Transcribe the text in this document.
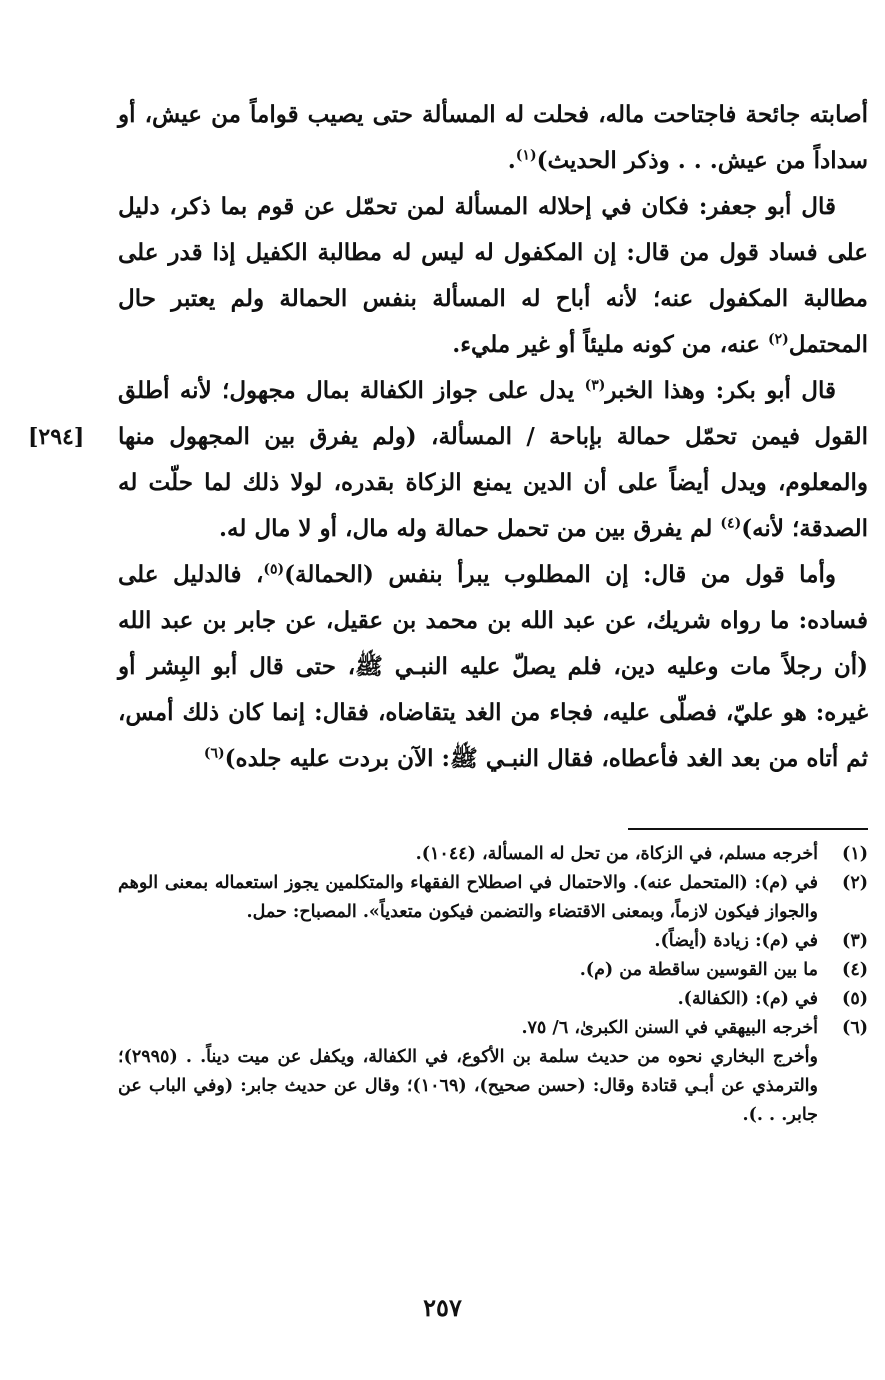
أصابته جائحة فاجتاحت ماله، فحلت له المسألة حتى يصيب قواماً من عيش، أو سداداً من عيش. . . وذكر الحديث)$^{(١)}$.

قال أبو جعفر: فكان في إحلاله المسألة لمن تحمّل عن قوم بما ذكر، دليل على فساد قول من قال: إن المكفول له ليس له مطالبة الكفيل إذا قدر على مطالبة المكفول عنه؛ لأنه أباح له المسألة بنفس الحمالة ولم يعتبر حال المحتمل$^{(٢)}$ عنه، من كونه مليئاً أو غير مليء.

قال أبو بكر: وهذا الخبر$^{(٣)}$ يدل على جواز الكفالة بمال مجهول؛ لأنه أطلق القول فيمن تحمّل حمالة بإباحة / المسألة، (ولم يفرق بين المجهول منها والمعلوم، ويدل أيضاً على أن الدين يمنع الزكاة بقدره، لولا ذلك لما حلّت له الصدقة؛ لأنه)$^{(٤)}$ لم يفرق بين من تحمل حمالة وله مال، أو لا مال له.

وأما قول من قال: إن المطلوب يبرأ بنفس (الحمالة)$^{(٥)}$، فالدليل على فساده: ما رواه شريك، عن عبد الله بن محمد بن عقيل، عن جابر بن عبد الله (أن رجلاً مات وعليه دين، فلم يصلّ عليه النبـي ﷺ، حتى قال أبو البِشر أو غيره: هو عليّ، فصلّى عليه، فجاء من الغد يتقاضاه، فقال: إنما كان ذلك أمس، ثم أتاه من بعد الغد فأعطاه، فقال النبـي ﷺ: الآن بردت عليه جلده)$^{(٦)}$

[٢٩٤]
(١)
أخرجه مسلم، في الزكاة، من تحل له المسألة، (١٠٤٤).
(٢)
في (م): (المتحمل عنه). والاحتمال في اصطلاح الفقهاء والمتكلمين يجوز استعماله بمعنى الوهم والجواز فيكون لازماً، وبمعنى الاقتضاء والتضمن فيكون متعدياً». المصباح: حمل.
(٣)
في (م): زيادة (أيضاً).
(٤)
ما بين القوسين ساقطة من (م).
(٥)
في (م): (الكفالة).
(٦)
أخرجه البيهقي في السنن الكبرىٰ، ٦/ ٧٥.
وأخرج البخاري نحوه من حديث سلمة بن الأكوع، في الكفالة، ويكفل عن ميت ديناً. . (٢٩٩٥)؛ والترمذي عن أبـي قتادة وقال: (حسن صحيح)، (١٠٦٩)؛ وقال عن حديث جابر: (وفي الباب عن جابر. . .).
٢٥٧
